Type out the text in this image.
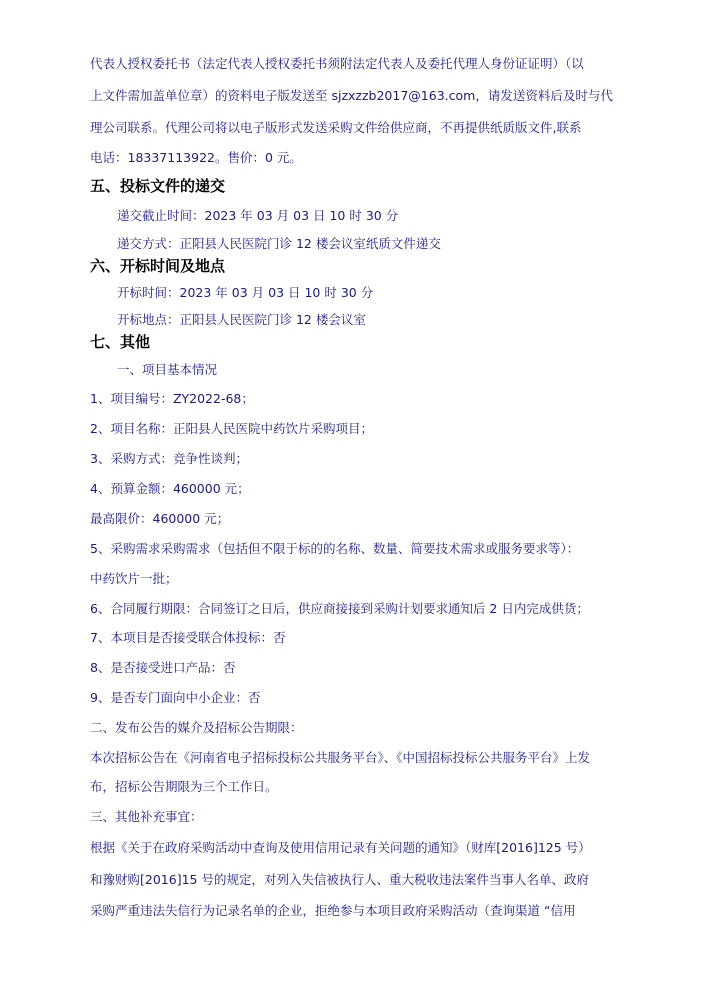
代表人授权委托书（法定代表人授权委托书须附法定代表人及委托代理人身份证证明）（以
上文件需加盖单位章）的资料电子版发送至 sjzxzzb2017@163.com，请发送资料后及时与代
理公司联系。代理公司将以电子版形式发送采购文件给供应商，不再提供纸质版文件,联系
电话：18337113922。售价：0 元。
五、投标文件的递交
递交截止时间：2023 年 03 月 03 日 10 时 30 分
递交方式：正阳县人民医院门诊 12 楼会议室纸质文件递交
六、开标时间及地点
开标时间：2023 年 03 月 03 日 10 时 30 分
开标地点：正阳县人民医院门诊 12 楼会议室
七、其他
一、项目基本情况
1、项目编号：ZY2022-68；
2、项目名称：正阳县人民医院中药饮片采购项目；
3、采购方式：竞争性谈判；
4、预算金额：460000 元；
最高限价：460000 元；
5、采购需求采购需求（包括但不限于标的的名称、数量、简要技术需求或服务要求等）：
中药饮片一批；
6、合同履行期限：合同签订之日后，供应商接接到采购计划要求通知后 2 日内完成供货；
7、本项目是否接受联合体投标：否
8、是否接受进口产品：否
9、是否专门面向中小企业：否
二、发布公告的媒介及招标公告期限：
本次招标公告在《河南省电子招标投标公共服务平台》、《中国招标投标公共服务平台》上发
布，招标公告期限为三个工作日。
三、其他补充事宜：
根据《关于在政府采购活动中查询及使用信用记录有关问题的通知》（财库[2016]125 号）
和豫财购[2016]15 号的规定，对列入失信被执行人、重大税收违法案件当事人名单、政府
采购严重违法失信行为记录名单的企业，拒绝参与本项目政府采购活动（查询渠道 “信用
